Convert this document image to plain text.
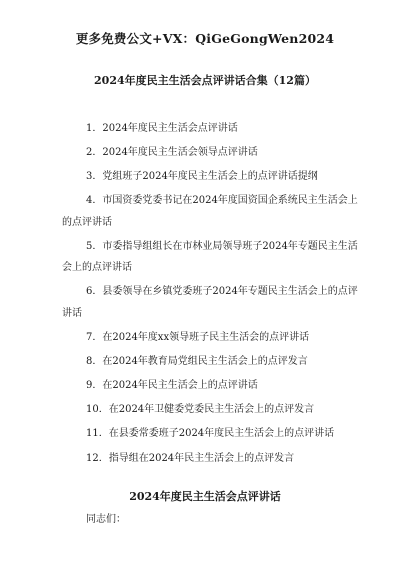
更多免费公文+VX：QiGeGongWen2024
2024年度民主生活会点评讲话合集（12篇）
1．2024年度民主生活会点评讲话
2．2024年度民主生活会领导点评讲话
3．党组班子2024年度民主生活会上的点评讲话提纲
4．市国资委党委书记在2024年度国资国企系统民主生活会上的点评讲话
5．市委指导组组长在市林业局领导班子2024年专题民主生活会上的点评讲话
6．县委领导在乡镇党委班子2024年专题民主生活会上的点评讲话
7．在2024年度xx领导班子民主生活会的点评讲话
8．在2024年教育局党组民主生活会上的点评发言
9．在2024年民主生活会上的点评讲话
10．在2024年卫健委党委民主生活会上的点评发言
11．在县委常委班子2024年度民主生活会上的点评讲话
12．指导组在2024年民主生活会上的点评发言
2024年度民主生活会点评讲话
同志们：
